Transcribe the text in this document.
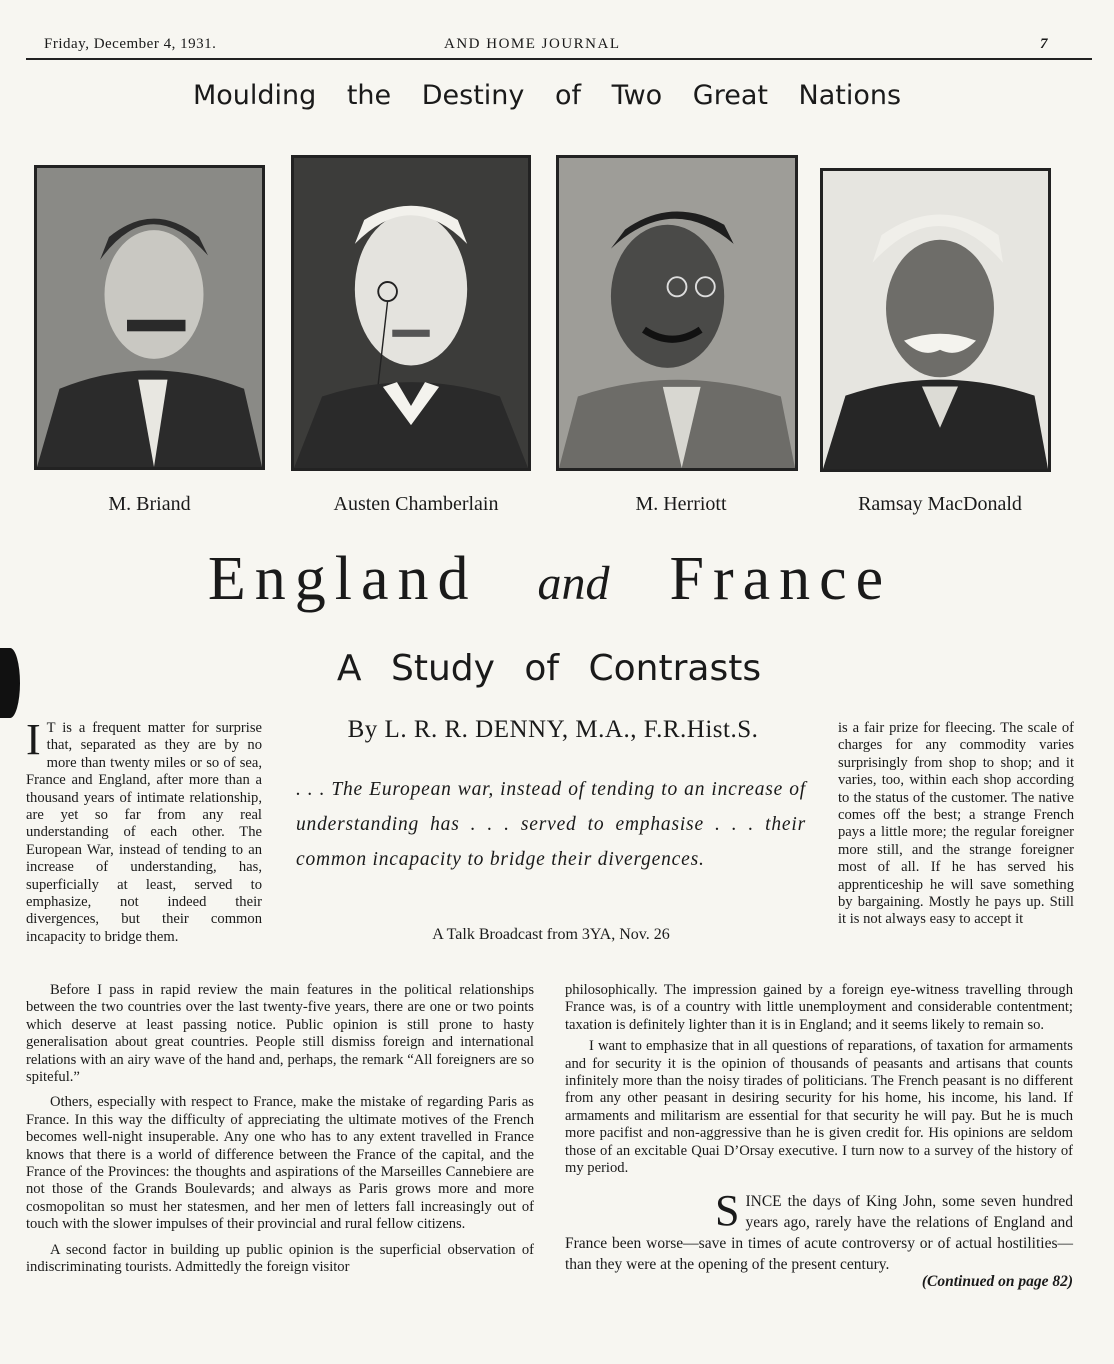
Friday, December 4, 1931.	AND HOME JOURNAL	7
Moulding the Destiny of Two Great Nations
M. Briand	Austen Chamberlain	M. Herriott	Ramsay MacDonald
England and France
A Study of Contrasts
By L. R. R. DENNY, M.A., F.R.Hist.S.
. . . The European war, instead of tending to an increase of understanding has . . . served to emphasise . . . their common incapacity to bridge their divergences.
A Talk Broadcast from 3YA, Nov. 26

I T is a frequent matter for surprise that, separated as they are by no more than twenty miles or so of sea, France and England, after more than a thousand years of intimate relationship, are yet so far from any real understanding of each other. The European War, instead of tending to an increase of understanding, has, superficially at least, served to emphasize, not indeed their divergences, but their common incapacity to bridge them.

is a fair prize for fleecing. The scale of charges for any commodity varies surprisingly from shop to shop; and it varies, too, within each shop according to the status of the customer. The native comes off the best; a strange French pays a little more; the regular foreigner more still, and the strange foreigner most of all. If he has served his apprenticeship he will save something by bargaining. Mostly he pays up. Still it is not always easy to accept it

Before I pass in rapid review the main features in the political relationships between the two countries over the last twenty-five years, there are one or two points which deserve at least passing notice. Public opinion is still prone to hasty generalisation about great countries. People still dismiss foreign and international relations with an airy wave of the hand and, perhaps, the remark “All foreigners are so spiteful.”

Others, especially with respect to France, make the mistake of regarding Paris as France. In this way the difficulty of appreciating the ultimate motives of the French becomes well-night insuperable. Any one who has to any extent travelled in France knows that there is a world of difference between the France of the capital, and the France of the Provinces: the thoughts and aspirations of the Marseilles Cannebiere are not those of the Grands Boulevards; and always as Paris grows more and more cosmopolitan so must her statesmen, and her men of letters fall increasingly out of touch with the slower impulses of their provincial and rural fellow citizens.

A second factor in building up public opinion is the superficial observation of indiscriminating tourists. Admittedly the foreign visitor

philosophically. The impression gained by a foreign eye-witness travelling through France was, is of a country with little unemployment and considerable contentment; taxation is definitely lighter than it is in England; and it seems likely to remain so.

I want to emphasize that in all questions of reparations, of taxation for armaments and for security it is the opinion of thousands of peasants and artisans that counts infinitely more than the noisy tirades of politicians. The French peasant is no different from any other peasant in desiring security for his home, his income, his land. If armaments and militarism are essential for that security he will pay. But he is much more pacifist and non-aggressive than he is given credit for. His opinions are seldom those of an excitable Quai D’Orsay executive. I turn now to a survey of the history of my period.

SINCE the days of King John, some seven hundred years ago, rarely have the relations of England and France been worse—save in times of acute controversy or of actual hostilities—than they were at the opening of the present century.

(Continued on page 82)
